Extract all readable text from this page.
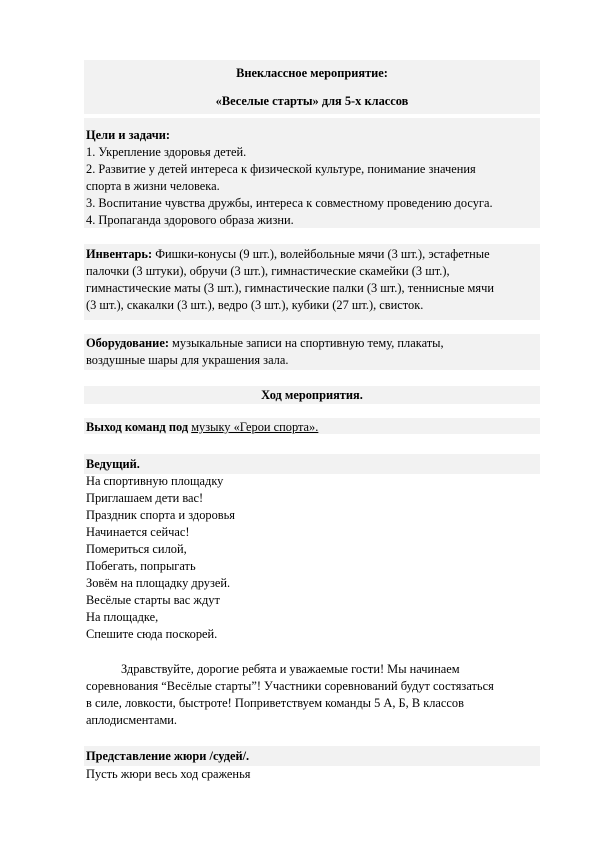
Внеклассное мероприятие:
«Веселые старты» для 5-х классов
Цели и задачи:
1. Укрепление здоровья детей.
2. Развитие у детей интереса к физической культуре, понимание значения
спорта в жизни человека.
3. Воспитание чувства дружбы, интереса к совместному проведению досуга.
4. Пропаганда здорового образа жизни.
Инвентарь: Фишки-конусы (9 шт.), волейбольные мячи (3 шт.), эстафетные
палочки (3 штуки), обручи (3 шт.), гимнастические скамейки (3 шт.),
гимнастические маты (3 шт.), гимнастические палки (3 шт.), теннисные мячи
(3 шт.), скакалки (3 шт.), ведро (3 шт.), кубики (27 шт.), свисток.
Оборудование: музыкальные записи на спортивную тему, плакаты,
воздушные шары для украшения зала.
Ход мероприятия.
Выход команд под музыку «Герои спорта».
Ведущий.
На спортивную площадку
Приглашаем дети вас!
Праздник спорта и здоровья
Начинается сейчас!
Помериться силой,
Побегать, попрыгать
Зовём на площадку друзей.
Весёлые старты вас ждут
На площадке,
Спешите сюда поскорей.
Здравствуйте, дорогие ребята и уважаемые гости! Мы начинаем
соревнования “Весёлые старты”! Участники соревнований будут состязаться
в силе, ловкости, быстроте! Поприветствуем команды 5 А, Б, В классов
аплодисментами.
Представление жюри /судей/.
Пусть жюри весь ход сраженья
